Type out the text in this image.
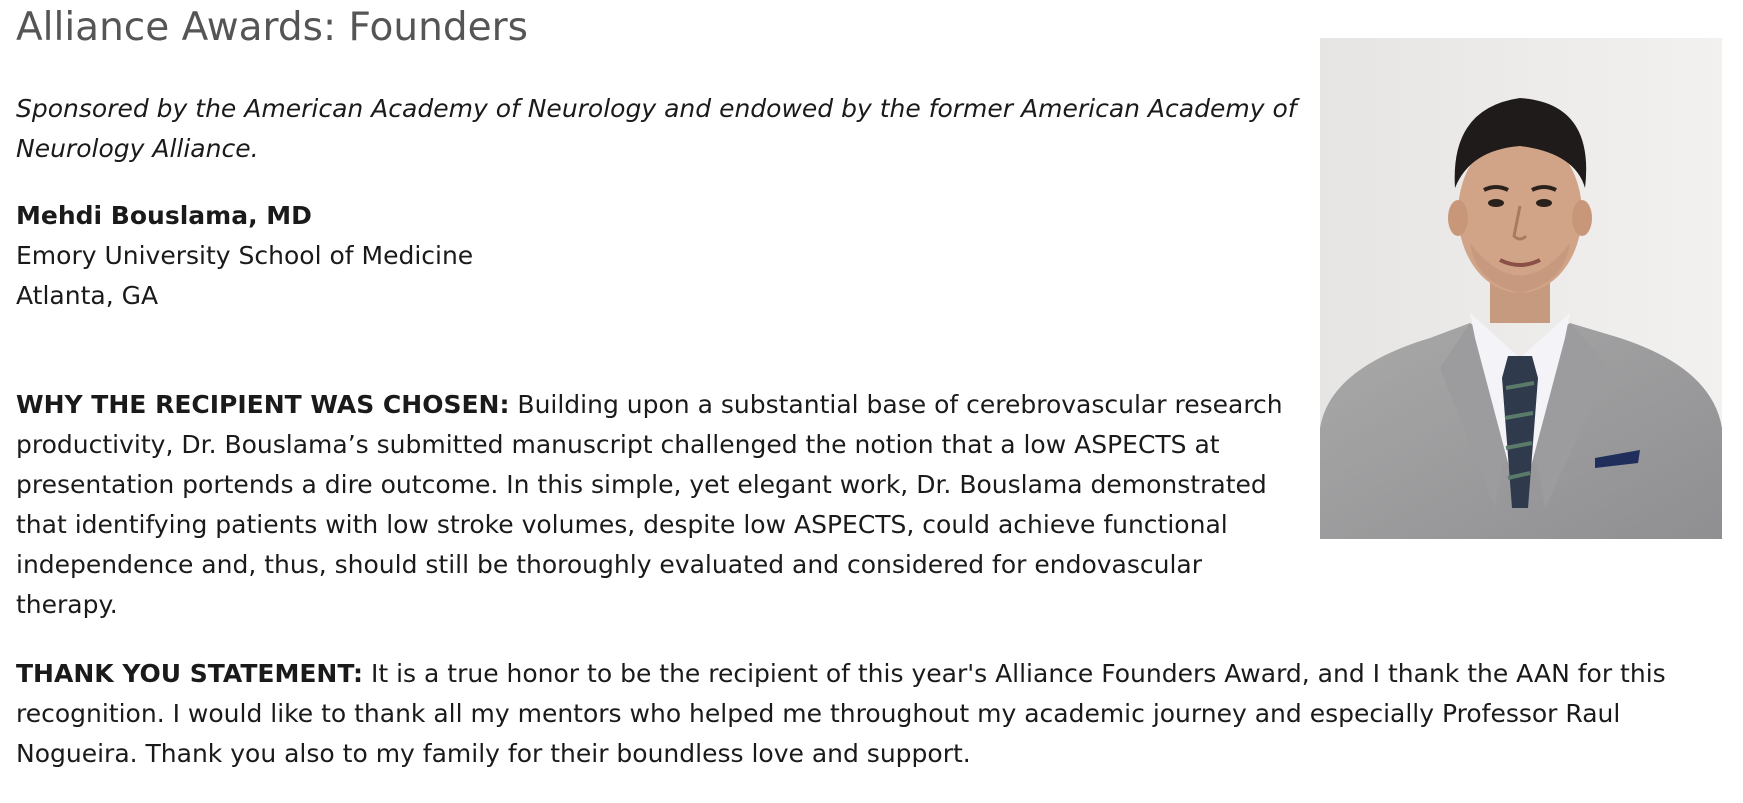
Alliance Awards: Founders

Sponsored by the American Academy of Neurology and endowed by the former American Academy of Neurology Alliance.

Mehdi Bouslama, MD
Emory University School of Medicine
Atlanta, GA

WHY THE RECIPIENT WAS CHOSEN: Building upon a substantial base of cerebrovascular research productivity, Dr. Bouslama’s submitted manuscript challenged the notion that a low ASPECTS at presentation portends a dire outcome. In this simple, yet elegant work, Dr. Bouslama demonstrated that identifying patients with low stroke volumes, despite low ASPECTS, could achieve functional independence and, thus, should still be thoroughly evaluated and considered for endovascular therapy.

THANK YOU STATEMENT: It is a true honor to be the recipient of this year's Alliance Founders Award, and I thank the AAN for this recognition. I would like to thank all my mentors who helped me throughout my academic journey and especially Professor Raul Nogueira. Thank you also to my family for their boundless love and support.
